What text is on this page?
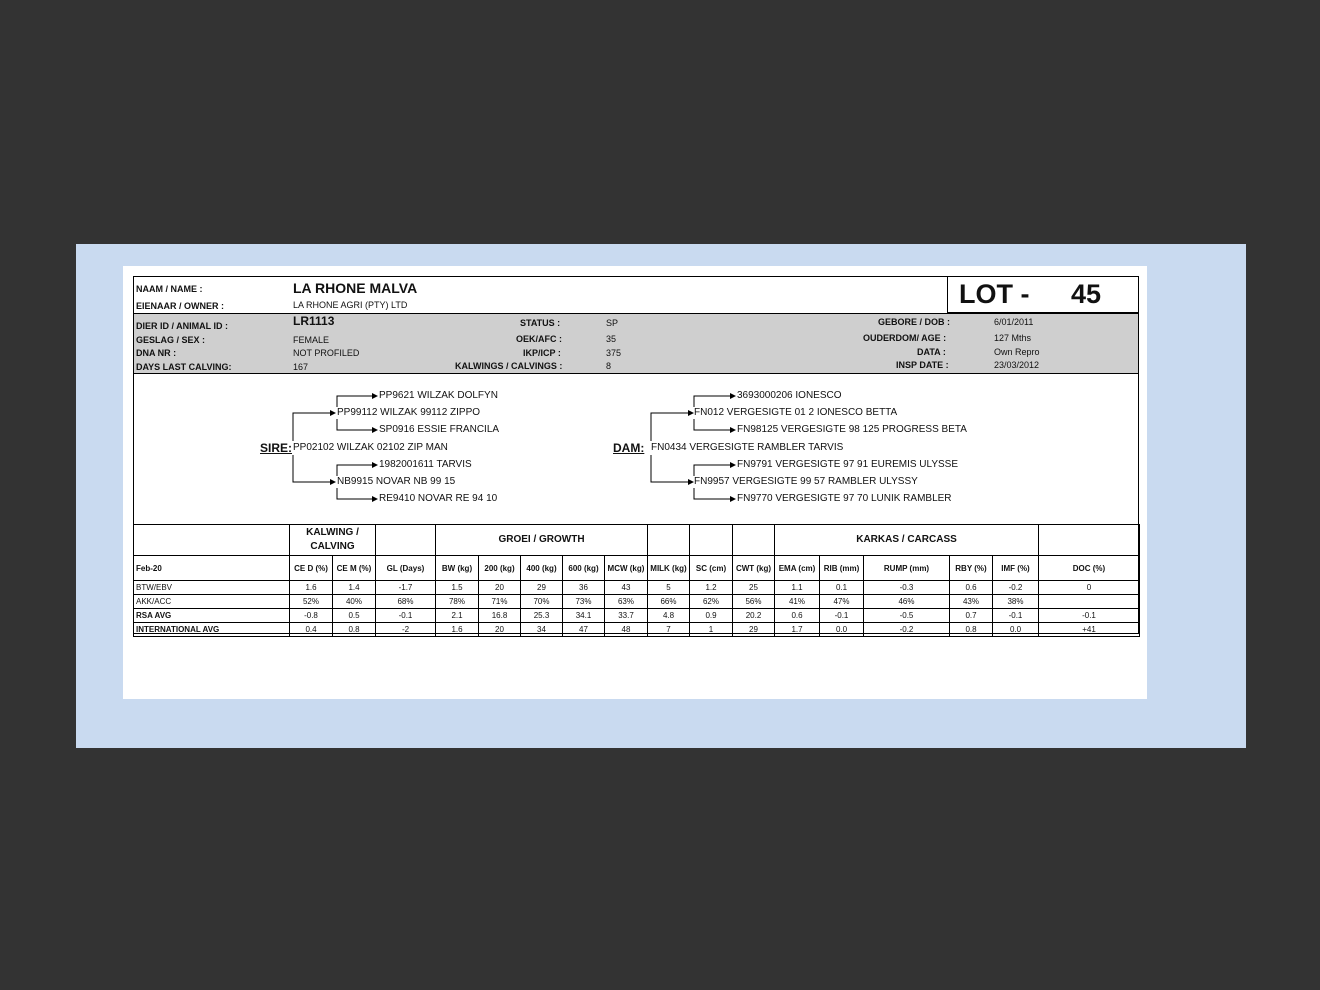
NAAM / NAME :	LA RHONE MALVA
EIENAAR / OWNER :	LA RHONE AGRI (PTY) LTD	LOT - 45
DIER ID / ANIMAL ID :	LR1113
GESLAG / SEX :	FEMALE
DNA NR :	NOT PROFILED
DAYS LAST CALVING:	167
STATUS :	SP
OEK/AFC :	35
IKP/ICP :	375
KALWINGS / CALVINGS :	8
GEBORE / DOB :	6/01/2011
OUDERDOM/ AGE :	127 Mths
DATA :	Own Repro
INSP DATE :	23/03/2012
PP9621 WILZAK DOLFYN
PP99112 WILZAK 99112 ZIPPO
SP0916 ESSIE FRANCILA
SIRE: PP02102 WILZAK 02102 ZIP MAN
1982001611 TARVIS
NB9915 NOVAR NB 99 15
RE9410 NOVAR RE 94 10
3693000206 IONESCO
FN012 VERGESIGTE 01 2 IONESCO BETTA
FN98125 VERGESIGTE 98 125 PROGRESS BETA
DAM: FN0434 VERGESIGTE RAMBLER TARVIS
FN9791 VERGESIGTE 97 91 EUREMIS ULYSSE
FN9957 VERGESIGTE 99 57 RAMBLER ULYSSY
FN9770 VERGESIGTE 97 70 LUNIK RAMBLER
	KALWING / CALVING			GROEI / GROWTH								KARKAS / CARCASS					
Feb-20	CE D (%)	CE M (%)	GL (Days)	BW (kg)	200 (kg)	400 (kg)	600 (kg)	MCW (kg)	MILK (kg)	SC (cm)	CWT (kg)	EMA (cm)	RIB (mm)	RUMP (mm)	RBY (%)	IMF (%)	DOC (%)
BTW/EBV	1.6	1.4	-1.7	1.5	20	29	36	43	5	1.2	25	1.1	0.1	-0.3	0.6	-0.2	0
AKK/ACC	52%	40%	68%	78%	71%	70%	73%	63%	66%	62%	56%	41%	47%	46%	43%	38%	
RSA AVG	-0.8	0.5	-0.1	2.1	16.8	25.3	34.1	33.7	4.8	0.9	20.2	0.6	-0.1	-0.5	0.7	-0.1	-0.1
INTERNATIONAL AVG	0.4	0.8	-2	1.6	20	34	47	48	7	1	29	1.7	0.0	-0.2	0.8	0.0	+41
